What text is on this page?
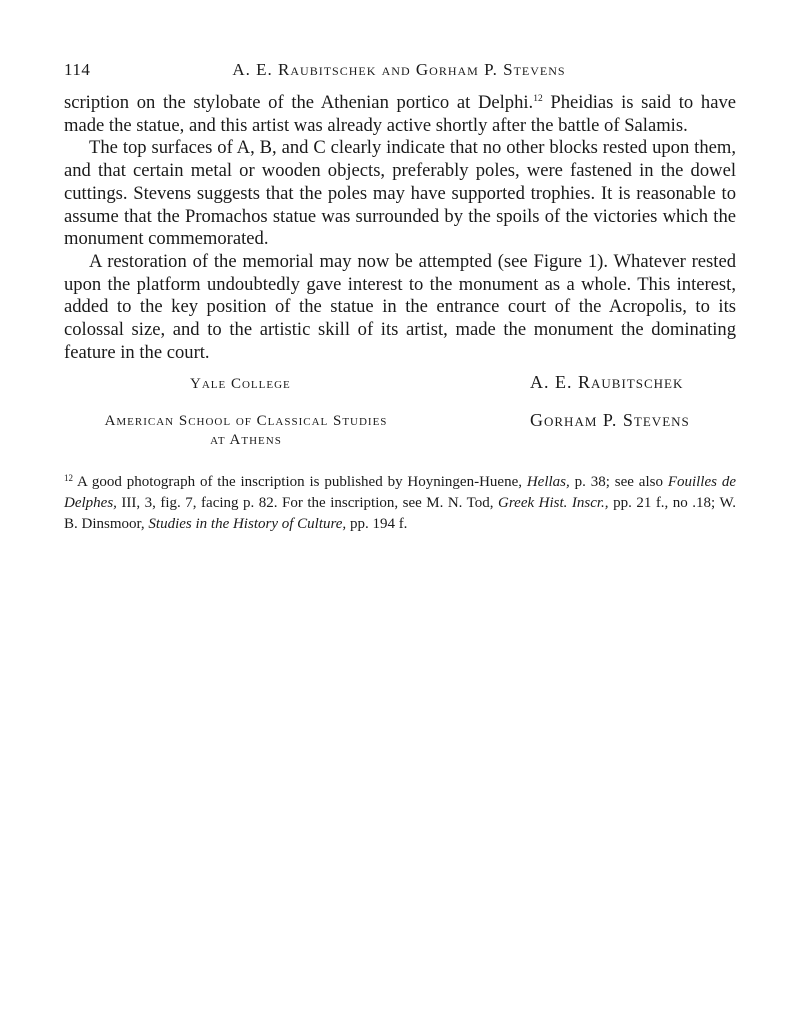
114	A. E. Raubitschek and Gorham P. Stevens

scription on the stylobate of the Athenian portico at Delphi.$^{12}$ Pheidias is said to have made the statue, and this artist was already active shortly after the battle of Salamis.

The top surfaces of A, B, and C clearly indicate that no other blocks rested upon them, and that certain metal or wooden objects, preferably poles, were fastened in the dowel cuttings. Stevens suggests that the poles may have supported trophies. It is reasonable to assume that the Promachos statue was surrounded by the spoils of the victories which the monument commemorated.

A restoration of the memorial may now be attempted (see Figure 1). Whatever rested upon the platform undoubtedly gave interest to the monument as a whole. This interest, added to the key position of the statue in the entrance court of the Acropolis, to its colossal size, and to the artistic skill of its artist, made the monument the dominating feature in the court.

Yale College
American School of Classical Studies
at Athens
A. E. Raubitschek
Gorham P. Stevens
$^{12}$ A good photograph of the inscription is published by Hoyningen-Huene, Hellas, p. 38; see also Fouilles de Delphes, III, 3, fig. 7, facing p. 82. For the inscription, see M. N. Tod, Greek Hist. Inscr., pp. 21 f., no .18; W. B. Dinsmoor, Studies in the History of Culture, pp. 194 f.
